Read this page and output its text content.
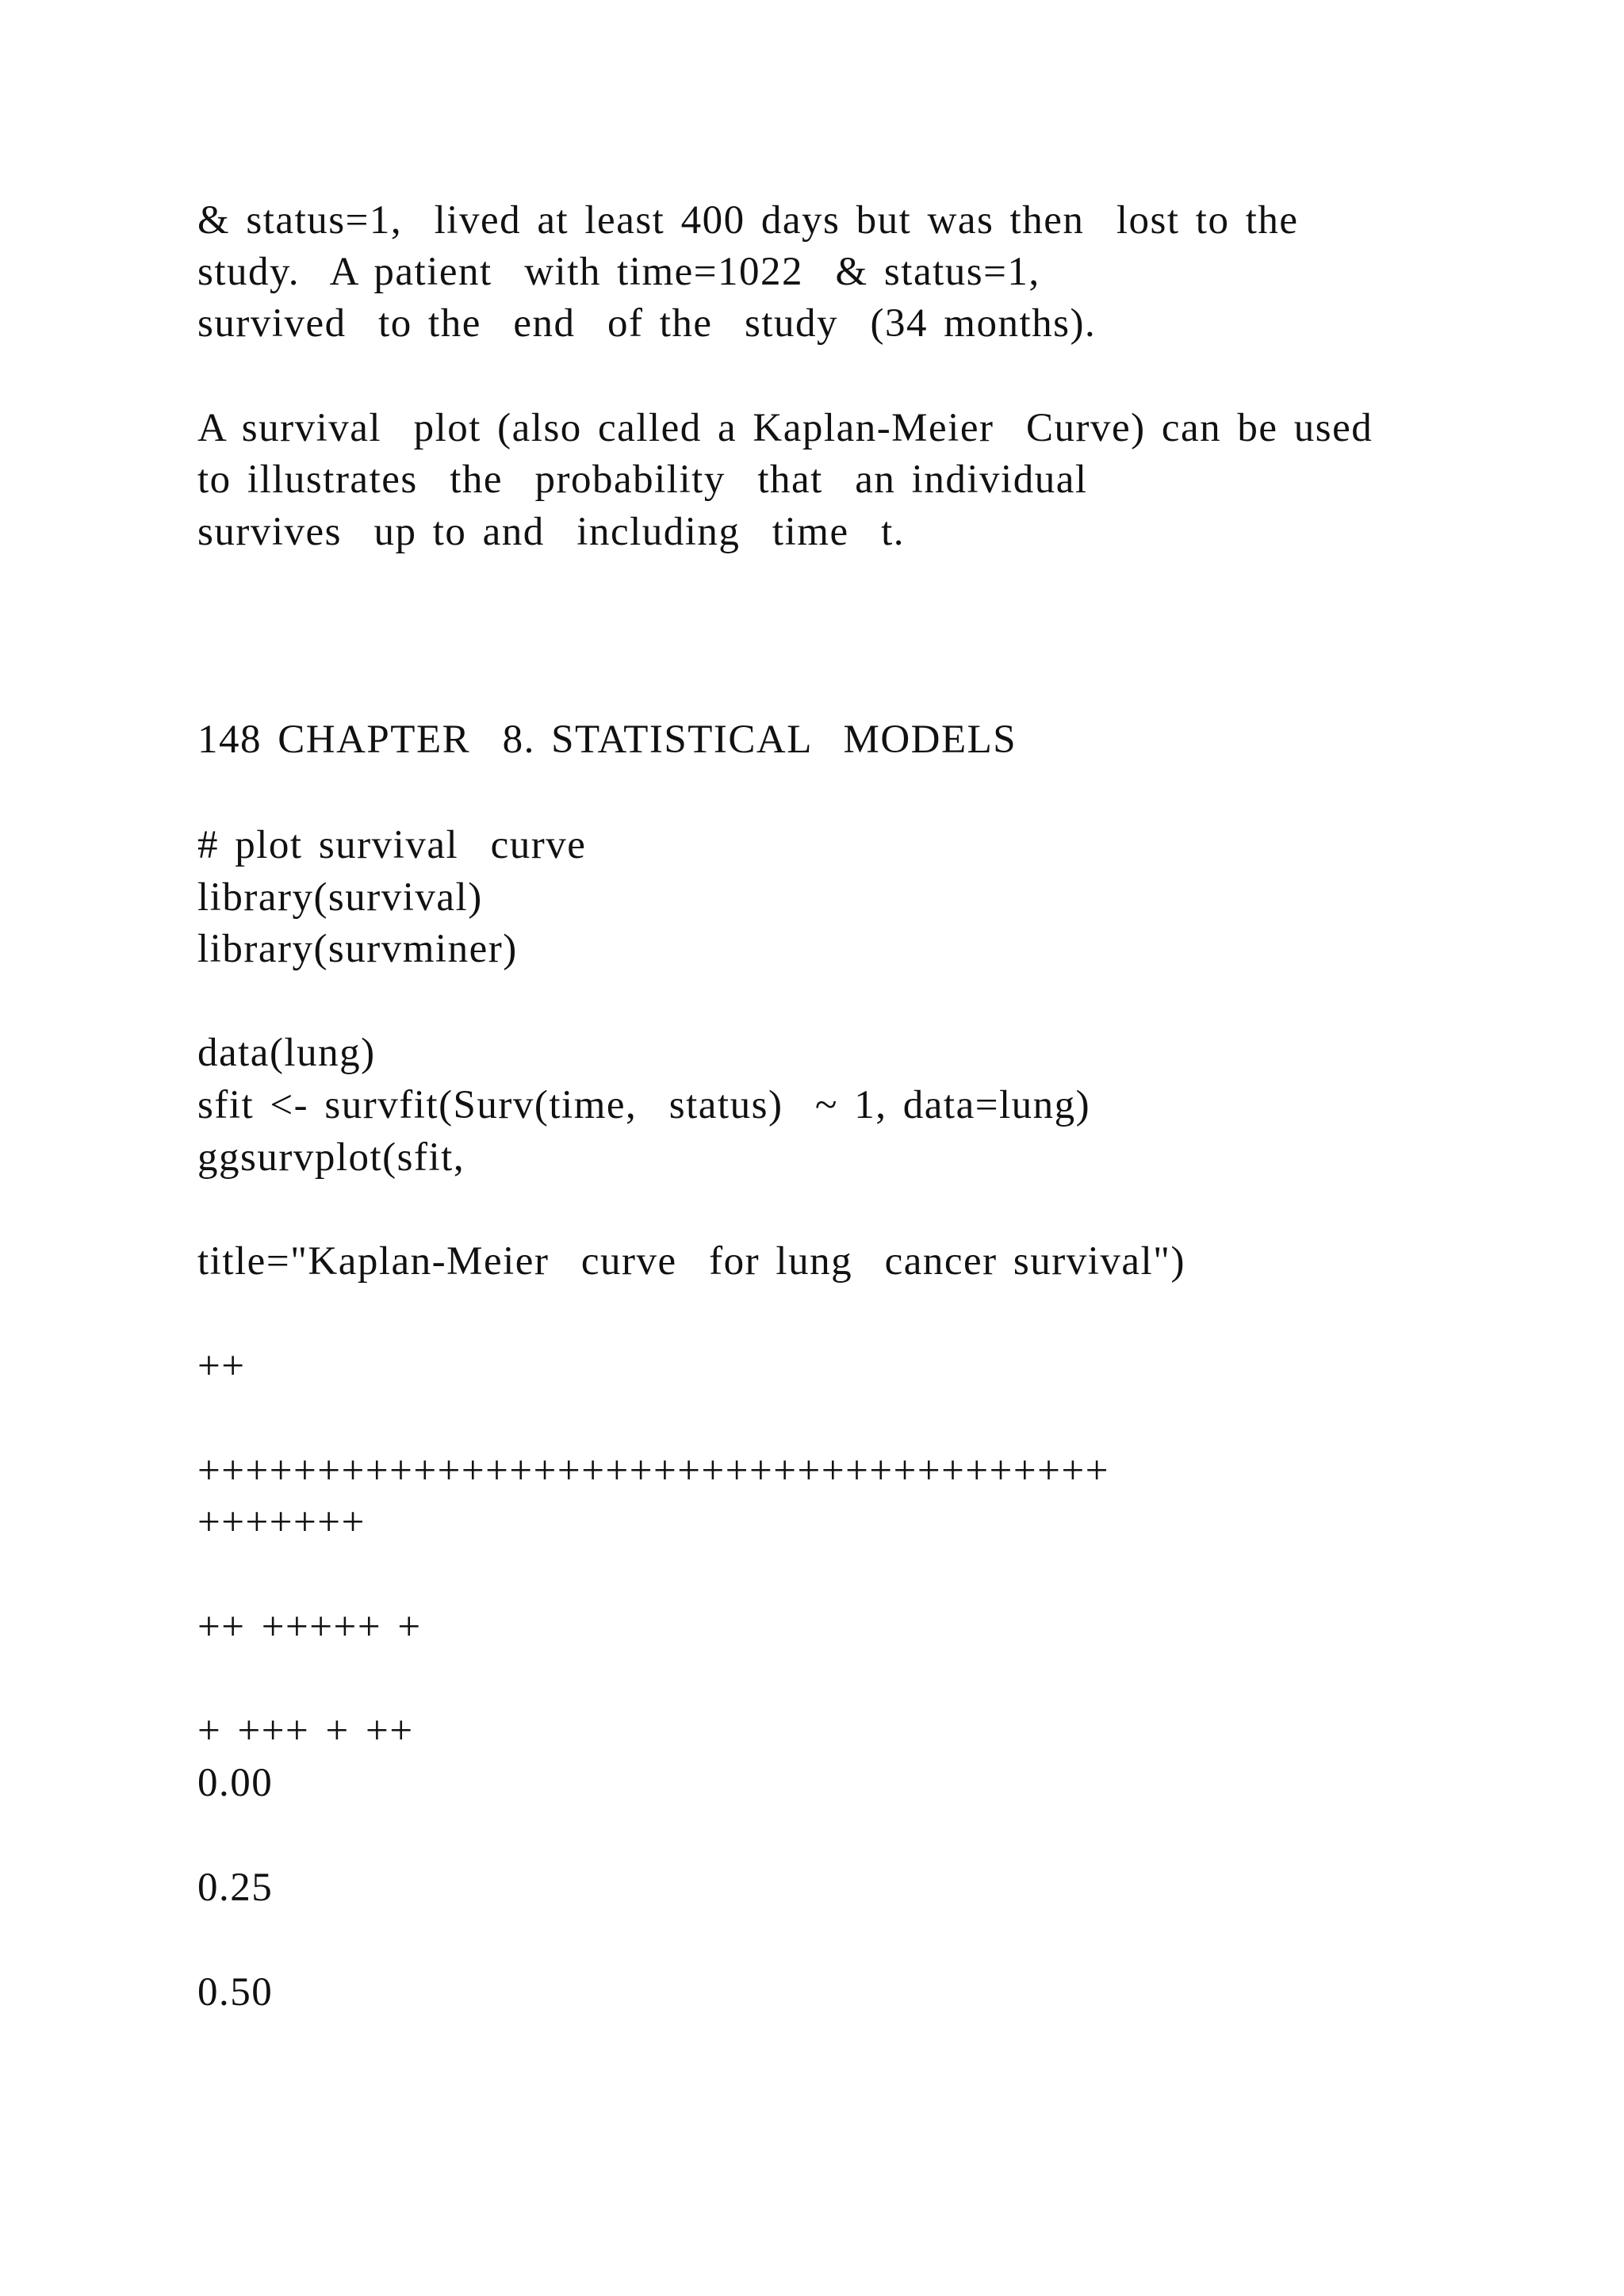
& status=1,  lived at least 400 days but was then  lost to the
study.  A patient  with time=1022  & status=1,
survived  to the  end  of the  study  (34 months).
A survival  plot (also called a Kaplan-Meier  Curve) can be used
to illustrates  the  probability  that  an individual
survives  up to and  including  time  t.
148 CHAPTER  8. STATISTICAL  MODELS
# plot survival  curve
library(survival)
library(survminer)
data(lung)
sfit <- survfit(Surv(time,  status)  ~ 1, data=lung)
ggsurvplot(sfit,
title="Kaplan-Meier  curve  for lung  cancer survival")
++
++++++++++++++++++++++++++++++++++++++
+++++++
++ +++++ +
+ +++ + ++
0.00
0.25
0.50
